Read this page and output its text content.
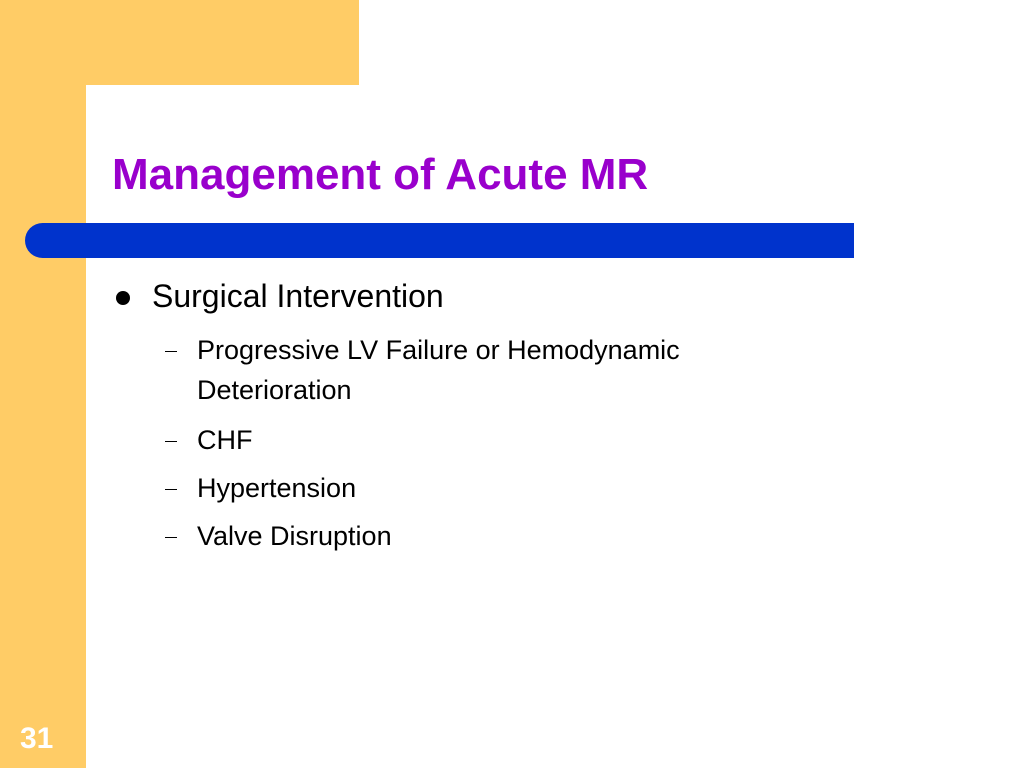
Management of Acute MR
Surgical Intervention
Progressive LV Failure or Hemodynamic Deterioration
CHF
Hypertension
Valve Disruption
31
